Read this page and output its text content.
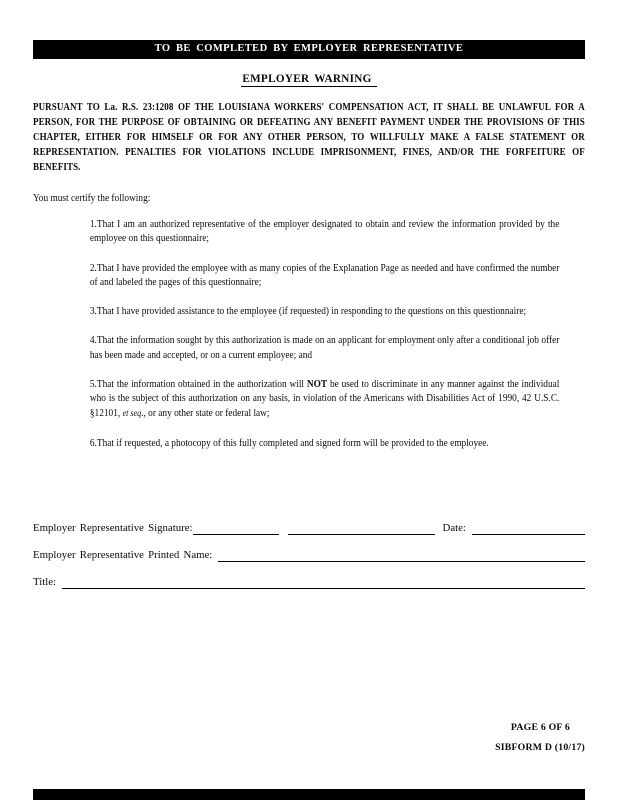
TO BE COMPLETED BY EMPLOYER REPRESENTATIVE
EMPLOYER WARNING
PURSUANT TO La. R.S. 23:1208 OF THE LOUISIANA WORKERS' COMPENSATION ACT, IT SHALL BE UNLAWFUL FOR A PERSON, FOR THE PURPOSE OF OBTAINING OR DEFEATING ANY BENEFIT PAYMENT UNDER THE PROVISIONS OF THIS CHAPTER, EITHER FOR HIMSELF OR FOR ANY OTHER PERSON, TO WILLFULLY MAKE A FALSE STATEMENT OR REPRESENTATION. PENALTIES FOR VIOLATIONS INCLUDE IMPRISONMENT, FINES, AND/OR THE FORFEITURE OF BENEFITS.
You must certify the following:
1.That I am an authorized representative of the employer designated to obtain and review the information provided by the employee on this questionnaire;
2.That I have provided the employee with as many copies of the Explanation Page as needed and have confirmed the number of and labeled the pages of this questionnaire;
3.That I have provided assistance to the employee (if requested) in responding to the questions on this questionnaire;
4.That the information sought by this authorization is made on an applicant for employment only after a conditional job offer has been made and accepted, or on a current employee; and
5.That the information obtained in the authorization will NOT be used to discriminate in any manner against the individual who is the subject of this authorization on any basis, in violation of the Americans with Disabilities Act of 1990, 42 U.S.C. §12101, et seq., or any other state or federal law;
6.That if requested, a photocopy of this fully completed and signed form will be provided to the employee.
Employer Representative Signature:	Date:
Employer Representative Printed Name:
Title:
PAGE 6 OF 6
SIBFORM D (10/17)
